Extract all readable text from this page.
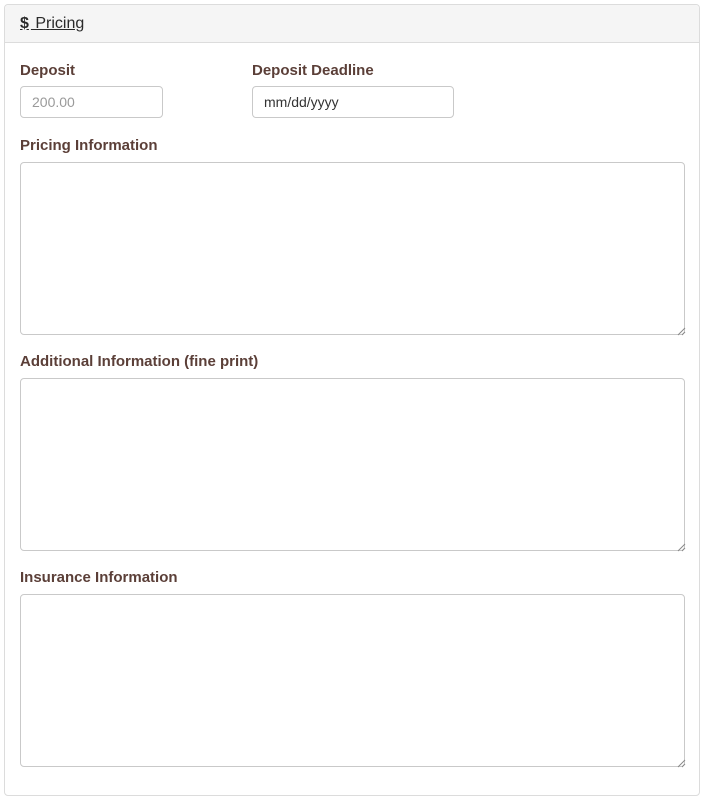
$ Pricing
Deposit
200.00	Deposit Deadline
mm/dd/yyyy
Pricing Information
Additional Information (fine print)
Insurance Information
